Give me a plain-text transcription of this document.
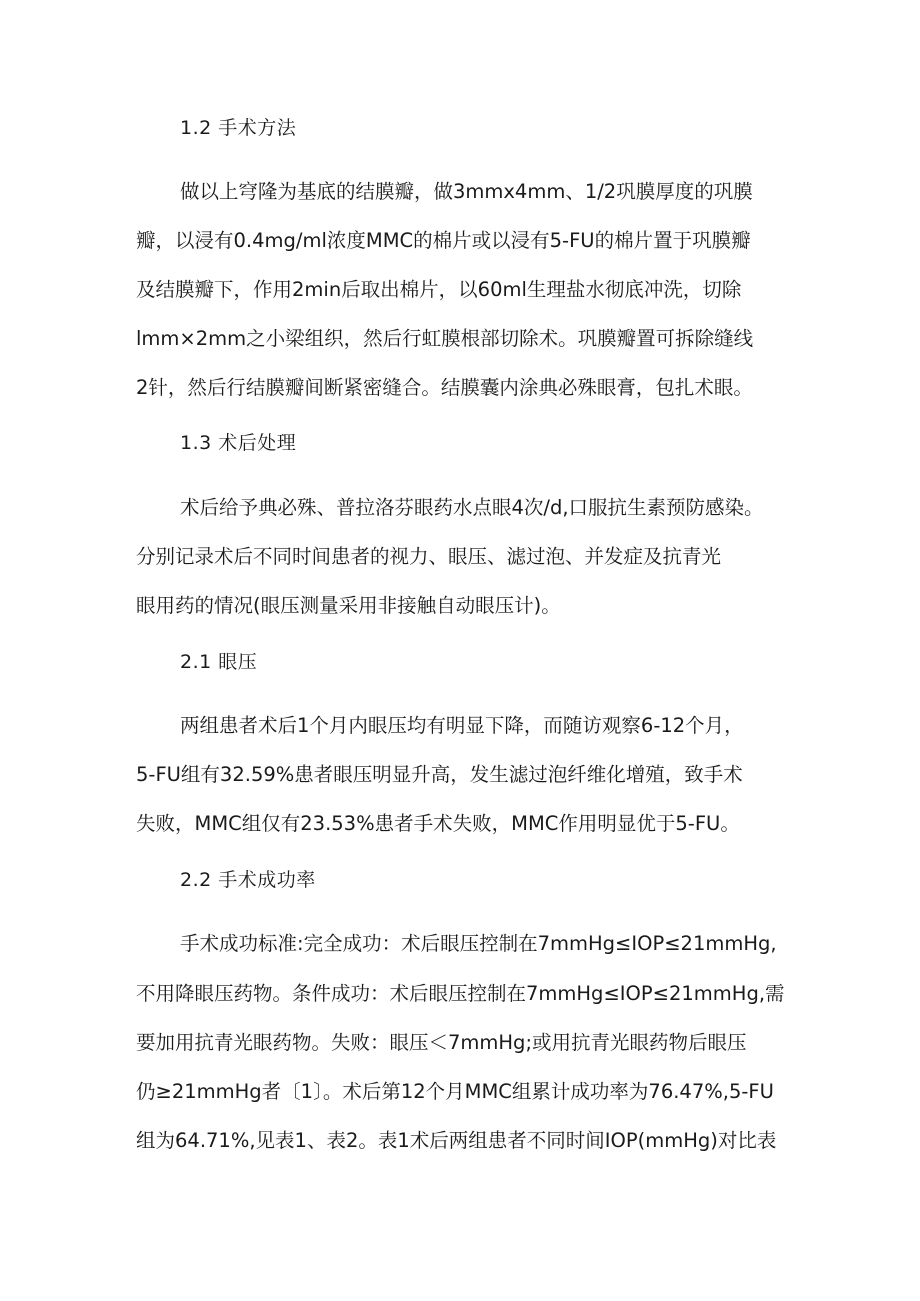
1.2 手术方法
做以上穹隆为基底的结膜瓣，做3mmx4mm、1/2巩膜厚度的巩膜
瓣，以浸有0.4mg/ml浓度MMC的棉片或以浸有5-FU的棉片置于巩膜瓣
及结膜瓣下，作用2min后取出棉片，以60ml生理盐水彻底冲洗，切除
lmm×2mm之小梁组织，然后行虹膜根部切除术。巩膜瓣置可拆除缝线
2针，然后行结膜瓣间断紧密缝合。结膜囊内涂典必殊眼膏，包扎术眼。
1.3 术后处理
术后给予典必殊、普拉洛芬眼药水点眼4次/d,口服抗生素预防感染。
分别记录术后不同时间患者的视力、眼压、滤过泡、并发症及抗青光
眼用药的情况(眼压测量采用非接触自动眼压计)。
2.1 眼压
两组患者术后1个月内眼压均有明显下降，而随访观察6-12个月，
5-FU组有32.59%患者眼压明显升高，发生滤过泡纤维化增殖，致手术
失败，MMC组仅有23.53%患者手术失败，MMC作用明显优于5-FU。
2.2 手术成功率
手术成功标准:完全成功：术后眼压控制在7mmHg≤IOP≤21mmHg,
不用降眼压药物。条件成功：术后眼压控制在7mmHg≤IOP≤21mmHg,需
要加用抗青光眼药物。失败：眼压＜7mmHg;或用抗青光眼药物后眼压
仍≥21mmHg者〔1〕。术后第12个月MMC组累计成功率为76.47%,5-FU
组为64.71%,见表1、表2。表1术后两组患者不同时间IOP(mmHg)对比表
